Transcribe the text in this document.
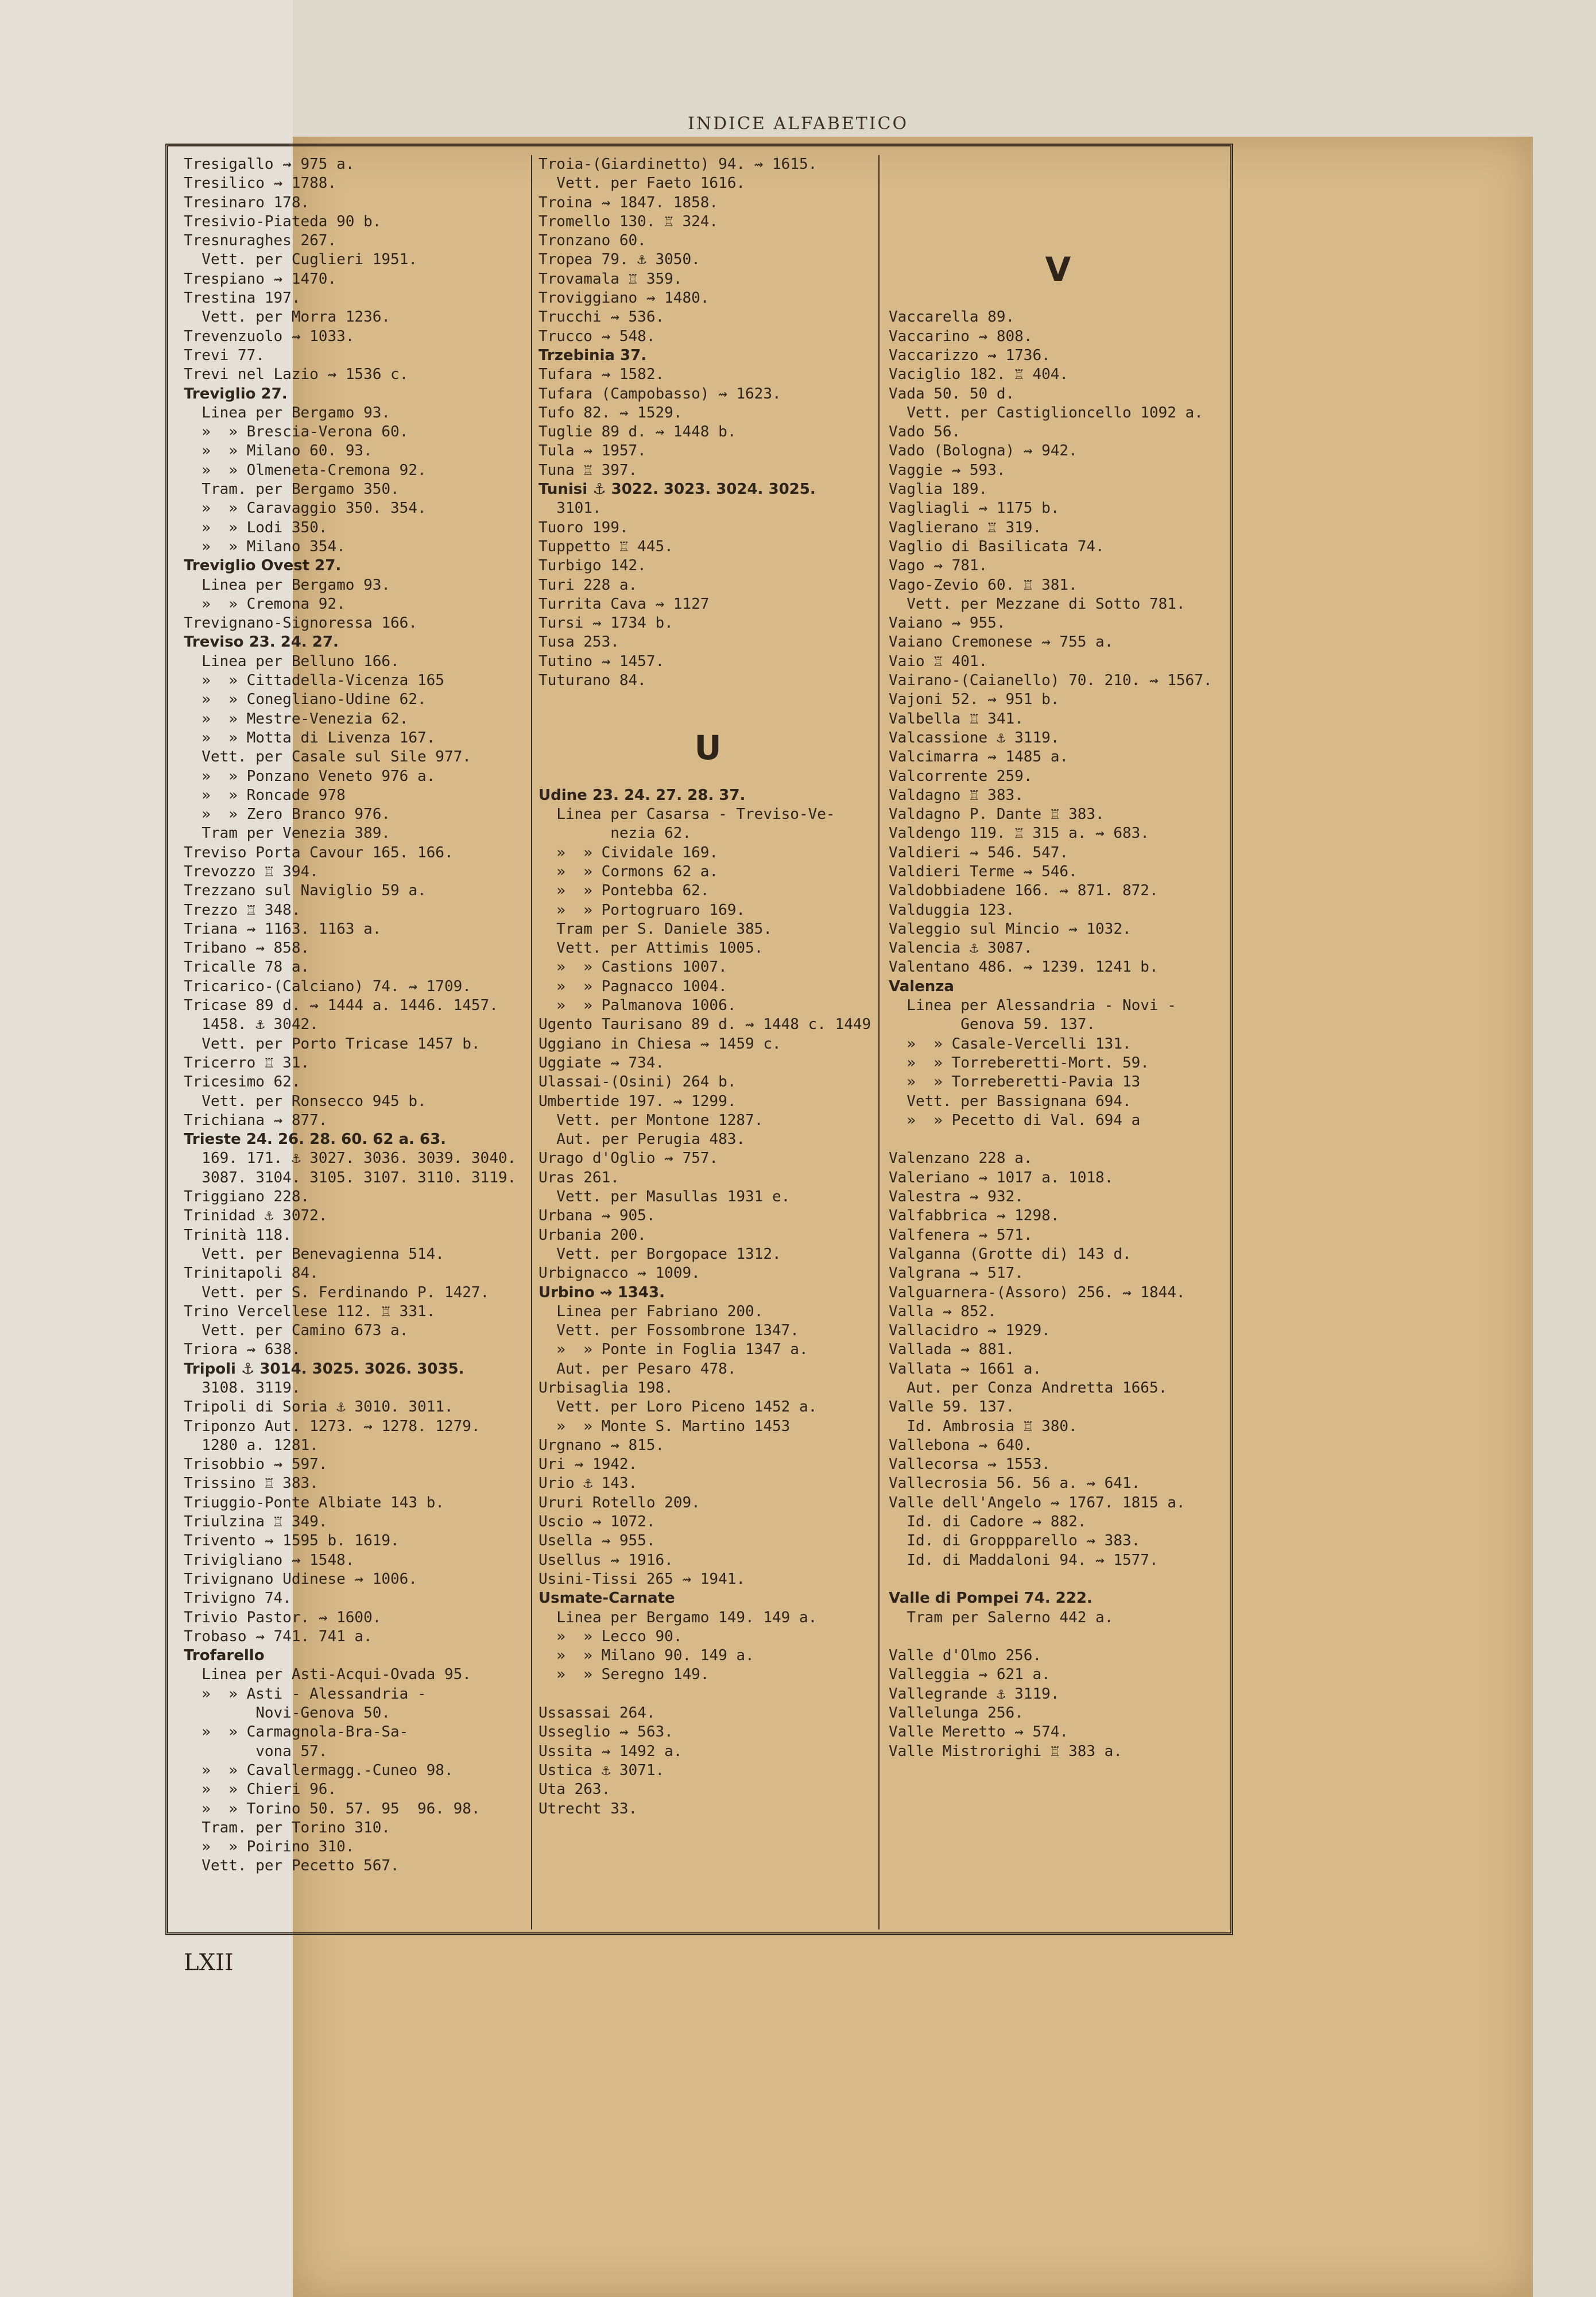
INDICE ALFABETICO
Tresigallo ⇝ 975 a.
Tresilico ⇝ 1788.
Tresinaro 178.
Tresivio-Piateda 90 b.
Tresnuraghes 267.
Vett. per Cuglieri 1951.
Trespiano ⇝ 1470.
Trestina 197.
Vett. per Morra 1236.
Trevenzuolo ⇝ 1033.
Trevi 77.
Trevi nel Lazio ⇝ 1536 c.
Treviglio 27.
Linea per Bergamo 93.
»  » Brescia-Verona 60.
»  » Milano 60. 93.
»  » Olmeneta-Cremona 92.
Tram. per Bergamo 350.
»  » Caravaggio 350. 354.
»  » Lodi 350.
»  » Milano 354.
Treviglio Ovest 27.
Linea per Bergamo 93.
»  » Cremona 92.
Trevignano-Signoressa 166.
Treviso 23. 24. 27.
Linea per Belluno 166.
»  » Cittadella-Vicenza 165
»  » Conegliano-Udine 62.
»  » Mestre-Venezia 62.
»  » Motta di Livenza 167.
Vett. per Casale sul Sile 977.
»  » Ponzano Veneto 976 a.
»  » Roncade 978
»  » Zero Branco 976.
Tram per Venezia 389.
Treviso Porta Cavour 165. 166.
Trevozzo ♖ 394.
Trezzano sul Naviglio 59 a.
Trezzo ♖ 348.
Triana ⇝ 1163. 1163 a.
Tribano ⇝ 858.
Tricalle 78 a.
Tricarico-(Calciano) 74. ⇝ 1709.
Tricase 89 d. ⇝ 1444 a. 1446. 1457.
1458. ⚓ 3042.
Vett. per Porto Tricase 1457 b.
Tricerro ♖ 31.
Tricesimo 62.
Vett. per Ronsecco 945 b.
Trichiana ⇝ 877.
Trieste 24. 26. 28. 60. 62 a. 63.
169. 171. ⚓ 3027. 3036. 3039. 3040.
3087. 3104. 3105. 3107. 3110. 3119.
Triggiano 228.
Trinidad ⚓ 3072.
Trinità 118.
Vett. per Benevagienna 514.
Trinitapoli 84.
Vett. per S. Ferdinando P. 1427.
Trino Vercellese 112. ♖ 331.
Vett. per Camino 673 a.
Triora ⇝ 638.
Tripoli ⚓ 3014. 3025. 3026. 3035.
3108. 3119.
Tripoli di Soria ⚓ 3010. 3011.
Triponzo Aut. 1273. ⇝ 1278. 1279.
1280 a. 1281.
Trisobbio ⇝ 597.
Trissino ♖ 383.
Triuggio-Ponte Albiate 143 b.
Triulzina ♖ 349.
Trivento ⇝ 1595 b. 1619.
Trivigliano ⇝ 1548.
Trivignano Udinese ⇝ 1006.
Trivigno 74.
Trivio Pastor. ⇝ 1600.
Trobaso ⇝ 741. 741 a.
Trofarello
Linea per Asti-Acqui-Ovada 95.
»  » Asti - Alessandria -
Novi-Genova 50.
»  » Carmagnola-Bra-Sa-
vona 57.
»  » Cavallermagg.-Cuneo 98.
»  » Chieri 96.
»  » Torino 50. 57. 95  96. 98.
Tram. per Torino 310.
»  » Poirino 310.
Vett. per Pecetto 567.
Troia-(Giardinetto) 94. ⇝ 1615.
Vett. per Faeto 1616.
Troina ⇝ 1847. 1858.
Tromello 130. ♖ 324.
Tronzano 60.
Tropea 79. ⚓ 3050.
Trovamala ♖ 359.
Troviggiano ⇝ 1480.
Trucchi ⇝ 536.
Trucco ⇝ 548.
Trzebinia 37.
Tufara ⇝ 1582.
Tufara (Campobasso) ⇝ 1623.
Tufo 82. ⇝ 1529.
Tuglie 89 d. ⇝ 1448 b.
Tula ⇝ 1957.
Tuna ♖ 397.
Tunisi ⚓ 3022. 3023. 3024. 3025.
3101.
Tuoro 199.
Tuppetto ♖ 445.
Turbigo 142.
Turi 228 a.
Turrita Cava ⇝ 1127
Tursi ⇝ 1734 b.
Tusa 253.
Tutino ⇝ 1457.
Tuturano 84.
U
Udine 23. 24. 27. 28. 37.
Linea per Casarsa - Treviso-Ve-
nezia 62.
»  » Cividale 169.
»  » Cormons 62 a.
»  » Pontebba 62.
»  » Portogruaro 169.
Tram per S. Daniele 385.
Vett. per Attimis 1005.
»  » Castions 1007.
»  » Pagnacco 1004.
»  » Palmanova 1006.
Ugento Taurisano 89 d. ⇝ 1448 c. 1449
Uggiano in Chiesa ⇝ 1459 c.
Uggiate ⇝ 734.
Ulassai-(Osini) 264 b.
Umbertide 197. ⇝ 1299.
Vett. per Montone 1287.
Aut. per Perugia 483.
Urago d'Oglio ⇝ 757.
Uras 261.
Vett. per Masullas 1931 e.
Urbana ⇝ 905.
Urbania 200.
Vett. per Borgopace 1312.
Urbignacco ⇝ 1009.
Urbino ⇝ 1343.
Linea per Fabriano 200.
Vett. per Fossombrone 1347.
»  » Ponte in Foglia 1347 a.
Aut. per Pesaro 478.
Urbisaglia 198.
Vett. per Loro Piceno 1452 a.
»  » Monte S. Martino 1453
Urgnano ⇝ 815.
Uri ⇝ 1942.
Urio ⚓ 143.
Ururi Rotello 209.
Uscio ⇝ 1072.
Usella ⇝ 955.
Usellus ⇝ 1916.
Usini-Tissi 265 ⇝ 1941.
Usmate-Carnate
Linea per Bergamo 149. 149 a.
»  » Lecco 90.
»  » Milano 90. 149 a.
»  » Seregno 149.
Ussassai 264.
Usseglio ⇝ 563.
Ussita ⇝ 1492 a.
Ustica ⚓ 3071.
Uta 263.
Utrecht 33.
V
Vaccarella 89.
Vaccarino ⇝ 808.
Vaccarizzo ⇝ 1736.
Vaciglio 182. ♖ 404.
Vada 50. 50 d.
Vett. per Castiglioncello 1092 a.
Vado 56.
Vado (Bologna) ⇝ 942.
Vaggie ⇝ 593.
Vaglia 189.
Vagliagli ⇝ 1175 b.
Vaglierano ♖ 319.
Vaglio di Basilicata 74.
Vago ⇝ 781.
Vago-Zevio 60. ♖ 381.
Vett. per Mezzane di Sotto 781.
Vaiano ⇝ 955.
Vaiano Cremonese ⇝ 755 a.
Vaio ♖ 401.
Vairano-(Caianello) 70. 210. ⇝ 1567.
Vajoni 52. ⇝ 951 b.
Valbella ♖ 341.
Valcassione ⚓ 3119.
Valcimarra ⇝ 1485 a.
Valcorrente 259.
Valdagno ♖ 383.
Valdagno P. Dante ♖ 383.
Valdengo 119. ♖ 315 a. ⇝ 683.
Valdieri ⇝ 546. 547.
Valdieri Terme ⇝ 546.
Valdobbiadene 166. ⇝ 871. 872.
Valduggia 123.
Valeggio sul Mincio ⇝ 1032.
Valencia ⚓ 3087.
Valentano 486. ⇝ 1239. 1241 b.
Valenza
Linea per Alessandria - Novi -
Genova 59. 137.
»  » Casale-Vercelli 131.
»  » Torreberetti-Mort. 59.
»  » Torreberetti-Pavia 13
Vett. per Bassignana 694.
»  » Pecetto di Val. 694 a
Valenzano 228 a.
Valeriano ⇝ 1017 a. 1018.
Valestra ⇝ 932.
Valfabbrica ⇝ 1298.
Valfenera ⇝ 571.
Valganna (Grotte di) 143 d.
Valgrana ⇝ 517.
Valguarnera-(Assoro) 256. ⇝ 1844.
Valla ⇝ 852.
Vallacidro ⇝ 1929.
Vallada ⇝ 881.
Vallata ⇝ 1661 a.
Aut. per Conza Andretta 1665.
Valle 59. 137.
Id. Ambrosia ♖ 380.
Vallebona ⇝ 640.
Vallecorsa ⇝ 1553.
Vallecrosia 56. 56 a. ⇝ 641.
Valle dell'Angelo ⇝ 1767. 1815 a.
Id. di Cadore ⇝ 882.
Id. di Groppparello ⇝ 383.
Id. di Maddaloni 94. ⇝ 1577.
Valle di Pompei 74. 222.
Tram per Salerno 442 a.
Valle d'Olmo 256.
Valleggia ⇝ 621 a.
Vallegrande ⚓ 3119.
Vallelunga 256.
Valle Meretto ⇝ 574.
Valle Mistrorighi ♖ 383 a.
LXII
